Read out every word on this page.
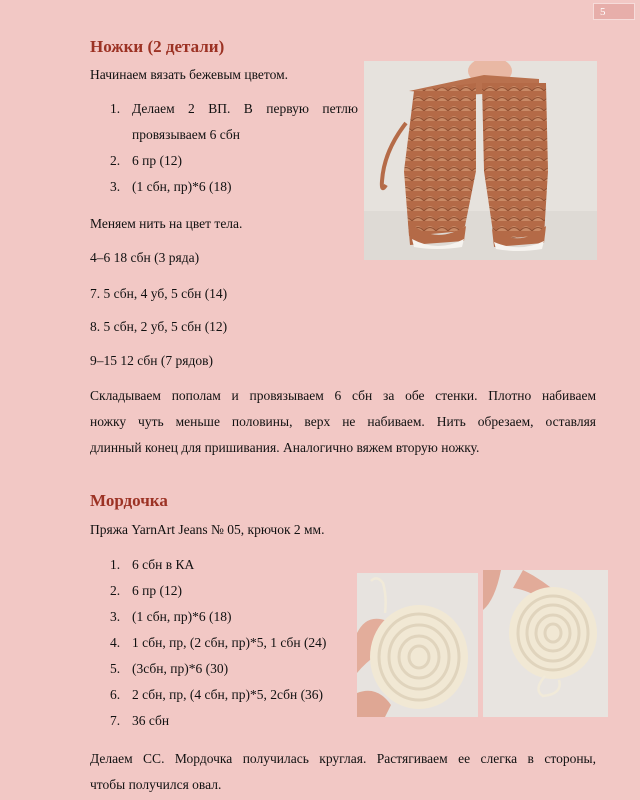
5
Ножки (2 детали)

Начинаем вязать бежевым цветом.

1. Делаем 2 ВП. В первую петлю

провязываем 6 сбн

2. 6 пр (12)

3. (1 сбн, пр)*6 (18)

Меняем нить на цвет тела.

4–6 18 сбн (3 ряда)

7. 5 сбн, 4 уб, 5 сбн (14)

8. 5 сбн, 2 уб, 5 сбн (12)

9–15 12 сбн (7 рядов)

Складываем пополам и провязываем 6 сбн за обе стенки. Плотно набиваем

ножку чуть меньше половины, верх не набиваем. Нить обрезаем, оставляя

длинный конец для пришивания. Аналогично вяжем вторую ножку.

Мордочка

Пряжа YarnArt Jeans № 05, крючок 2 мм.

1. 6 сбн в КА

2. 6 пр (12)

3. (1 сбн, пр)*6 (18)

4. 1 сбн, пр, (2 сбн, пр)*5, 1 сбн (24)

5. (3сбн, пр)*6 (30)

6. 2 сбн, пр, (4 сбн, пр)*5, 2сбн (36)

7. 36 сбн

Делаем СС. Мордочка получилась круглая. Растягиваем ее слегка в стороны,

чтобы получился овал.
